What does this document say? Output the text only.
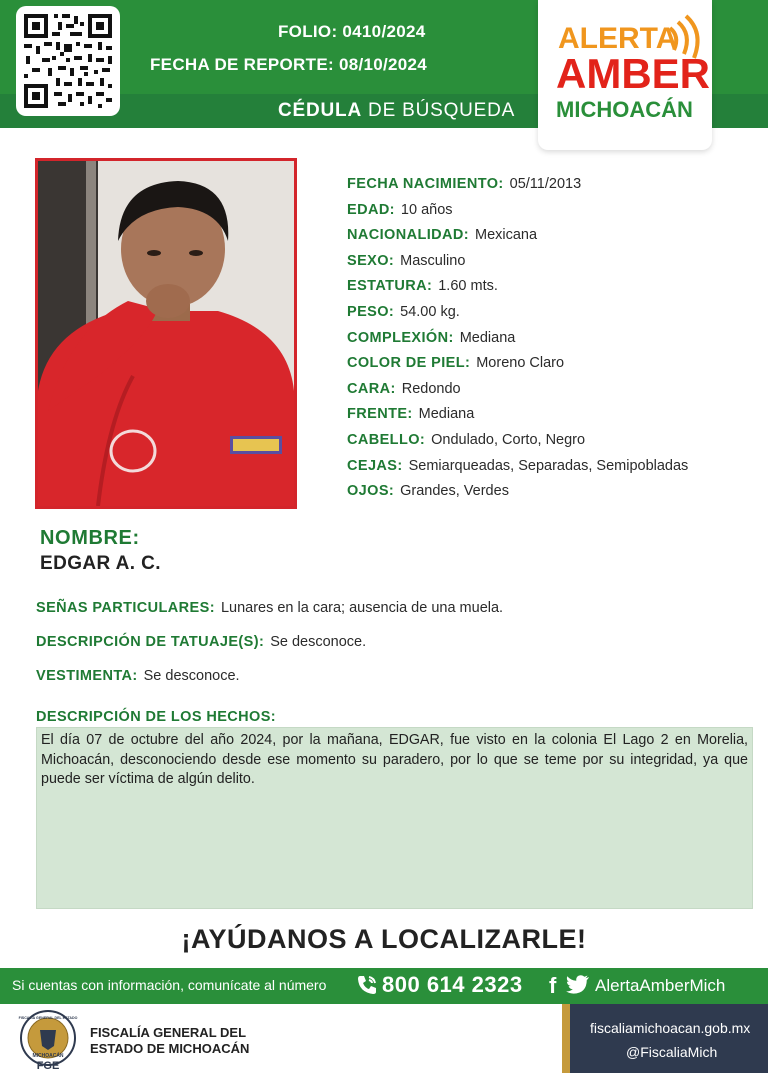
FOLIO: 0410/2024
FECHA DE REPORTE: 08/10/2024
CÉDULA DE BÚSQUEDA
ALERTA
AMBER
MICHOACÁN
FECHA NACIMIENTO: 05/11/2013
EDAD: 10 años
NACIONALIDAD: Mexicana
SEXO: Masculino
ESTATURA: 1.60 mts.
PESO: 54.00 kg.
COMPLEXIÓN: Mediana
COLOR DE PIEL: Moreno Claro
CARA: Redondo
FRENTE: Mediana
CABELLO: Ondulado, Corto, Negro
CEJAS: Semiarqueadas, Separadas, Semipobladas
OJOS: Grandes, Verdes
NOMBRE:
EDGAR A. C.
SEÑAS PARTICULARES: Lunares en la cara; ausencia de una muela.
DESCRIPCIÓN DE TATUAJE(S): Se desconoce.
VESTIMENTA: Se desconoce.
DESCRIPCIÓN DE LOS HECHOS:
El día 07 de octubre del año 2024, por la mañana, EDGAR, fue visto en la colonia El Lago 2 en Morelia, Michoacán, desconociendo desde ese momento su paradero, por lo que se teme por su integridad, ya que puede ser víctima de algún delito.
¡AYÚDANOS A LOCALIZARLE!
Si cuentas con información, comunícate al número	800 614 2323 f AlertaAmberMich
FISCALÍA GENERAL DEL ESTADO
MICHOACÁN
FGE
FISCALÍA GENERAL DEL
ESTADO DE MICHOACÁN
fiscaliamichoacan.gob.mx
@FiscaliaMich
